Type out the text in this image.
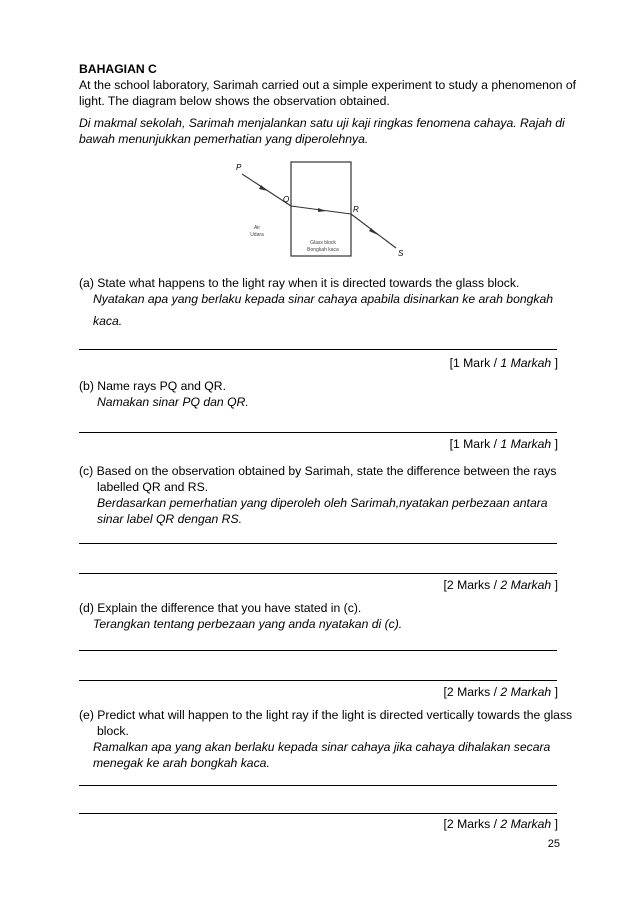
BAHAGIAN C
At the school laboratory, Sarimah carried out a simple experiment to study a phenomenon of
light. The diagram below shows the observation obtained.
Di makmal sekolah, Sarimah menjalankan satu uji kaji ringkas fenomena cahaya. Rajah di
bawah menunjukkan pemerhatian yang diperolehnya.
P
Q
R
S
Air
Udara
Glass block
Bongkah kaca
(a) State what happens to the light ray when it is directed towards the glass block.
Nyatakan apa yang berlaku kepada sinar cahaya apabila disinarkan ke arah bongkah
kaca.
[1 Mark / 1 Markah ]
(b) Name rays PQ and QR.
Namakan sinar PQ dan QR.
[1 Mark / 1 Markah ]
(c) Based on the observation obtained by Sarimah, state the difference between the rays
labelled QR and RS.
Berdasarkan pemerhatian yang diperoleh oleh Sarimah,nyatakan perbezaan antara
sinar label QR dengan RS.
[2 Marks / 2 Markah ]
(d) Explain the difference that you have stated in (c).
Terangkan tentang perbezaan yang anda nyatakan di (c).
[2 Marks / 2 Markah ]
(e) Predict what will happen to the light ray if the light is directed vertically towards the glass
block.
Ramalkan apa yang akan berlaku kepada sinar cahaya jika cahaya dihalakan secara
menegak ke arah bongkah kaca.
[2 Marks / 2 Markah ]
25
